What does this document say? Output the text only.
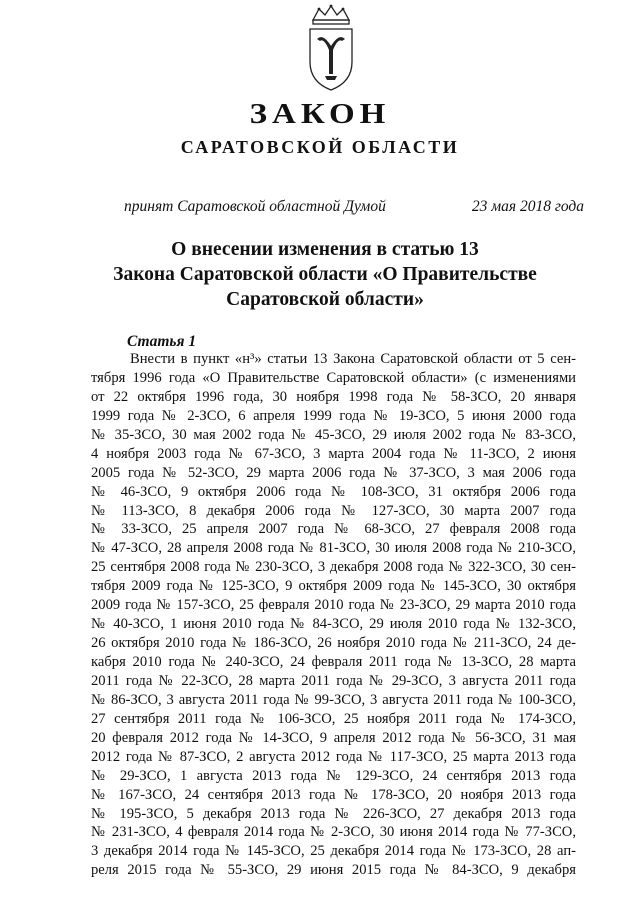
ЗАКОН
САРАТОВСКОЙ ОБЛАСТИ
принят Саратовской областной Думой	23 мая 2018 года
О внесении изменения в статью 13
Закона Саратовской области «О Правительстве
Саратовской области»
Статья 1
Внести в пункт «н³» статьи 13 Закона Саратовской области от 5 сен-
тября 1996 года «О Правительстве Саратовской области» (с изменениями
от 22 октября 1996 года, 30 ноября 1998 года № 58-ЗСО, 20 января
1999 года № 2-ЗСО, 6 апреля 1999 года № 19-ЗСО, 5 июня 2000 года
№ 35-ЗСО, 30 мая 2002 года № 45-ЗСО, 29 июля 2002 года № 83-ЗСО,
4 ноября 2003 года № 67-ЗСО, 3 марта 2004 года № 11-ЗСО, 2 июня
2005 года № 52-ЗСО, 29 марта 2006 года № 37-ЗСО, 3 мая 2006 года
№ 46-ЗСО, 9 октября 2006 года № 108-ЗСО, 31 октября 2006 года
№ 113-ЗСО, 8 декабря 2006 года № 127-ЗСО, 30 марта 2007 года
№ 33-ЗСО, 25 апреля 2007 года № 68-ЗСО, 27 февраля 2008 года
№ 47-ЗСО, 28 апреля 2008 года № 81-ЗСО, 30 июля 2008 года № 210-ЗСО,
25 сентября 2008 года № 230-ЗСО, 3 декабря 2008 года № 322-ЗСО, 30 сен-
тября 2009 года № 125-ЗСО, 9 октября 2009 года № 145-ЗСО, 30 октября
2009 года № 157-ЗСО, 25 февраля 2010 года № 23-ЗСО, 29 марта 2010 года
№ 40-ЗСО, 1 июня 2010 года № 84-ЗСО, 29 июля 2010 года № 132-ЗСО,
26 октября 2010 года № 186-ЗСО, 26 ноября 2010 года № 211-ЗСО, 24 де-
кабря 2010 года № 240-ЗСО, 24 февраля 2011 года № 13-ЗСО, 28 марта
2011 года № 22-ЗСО, 28 марта 2011 года № 29-ЗСО, 3 августа 2011 года
№ 86-ЗСО, 3 августа 2011 года № 99-ЗСО, 3 августа 2011 года № 100-ЗСО,
27 сентября 2011 года № 106-ЗСО, 25 ноября 2011 года № 174-ЗСО,
20 февраля 2012 года № 14-ЗСО, 9 апреля 2012 года № 56-ЗСО, 31 мая
2012 года № 87-ЗСО, 2 августа 2012 года № 117-ЗСО, 25 марта 2013 года
№ 29-ЗСО, 1 августа 2013 года № 129-ЗСО, 24 сентября 2013 года
№ 167-ЗСО, 24 сентября 2013 года № 178-ЗСО, 20 ноября 2013 года
№ 195-ЗСО, 5 декабря 2013 года № 226-ЗСО, 27 декабря 2013 года
№ 231-ЗСО, 4 февраля 2014 года № 2-ЗСО, 30 июня 2014 года № 77-ЗСО,
3 декабря 2014 года № 145-ЗСО, 25 декабря 2014 года № 173-ЗСО, 28 ап-
реля 2015 года № 55-ЗСО, 29 июня 2015 года № 84-ЗСО, 9 декабря
